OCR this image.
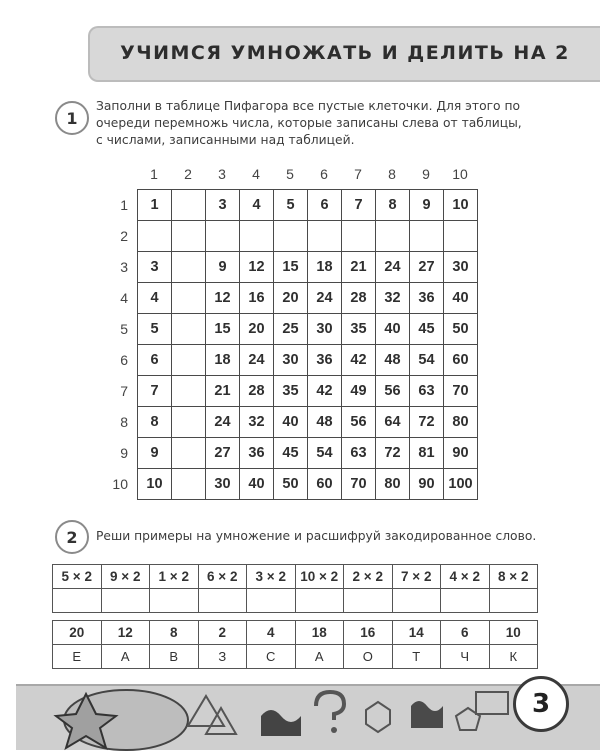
УЧИМСЯ УМНОЖАТЬ И ДЕЛИТЬ НА 2
1
Заполни в таблице Пифагора все пустые клеточки. Для этого по
очереди перемножь числа, которые записаны слева от таблицы,
с числами, записанными над таблицей.
1	2	3	4	5	6	7	8	9	10
1
2
3
4
5
6
7
8
9
10
1		3	4	5	6	7	8	9	10

3		9	12	15	18	21	24	27	30
4		12	16	20	24	28	32	36	40
5		15	20	25	30	35	40	45	50
6		18	24	30	36	42	48	54	60
7		21	28	35	42	49	56	63	70
8		24	32	40	48	56	64	72	80
9		27	36	45	54	63	72	81	90
10		30	40	50	60	70	80	90	100
2	Реши примеры на умножение и расшифруй закодированное слово.
5 × 2	9 × 2	1 × 2	6 × 2	3 × 2	10 × 2	2 × 2	7 × 2	4 × 2	8 × 2

20	12	8	2	4	18	16	14	6	10
Е	А	В	З	С	А	О	Т	Ч	К
3
